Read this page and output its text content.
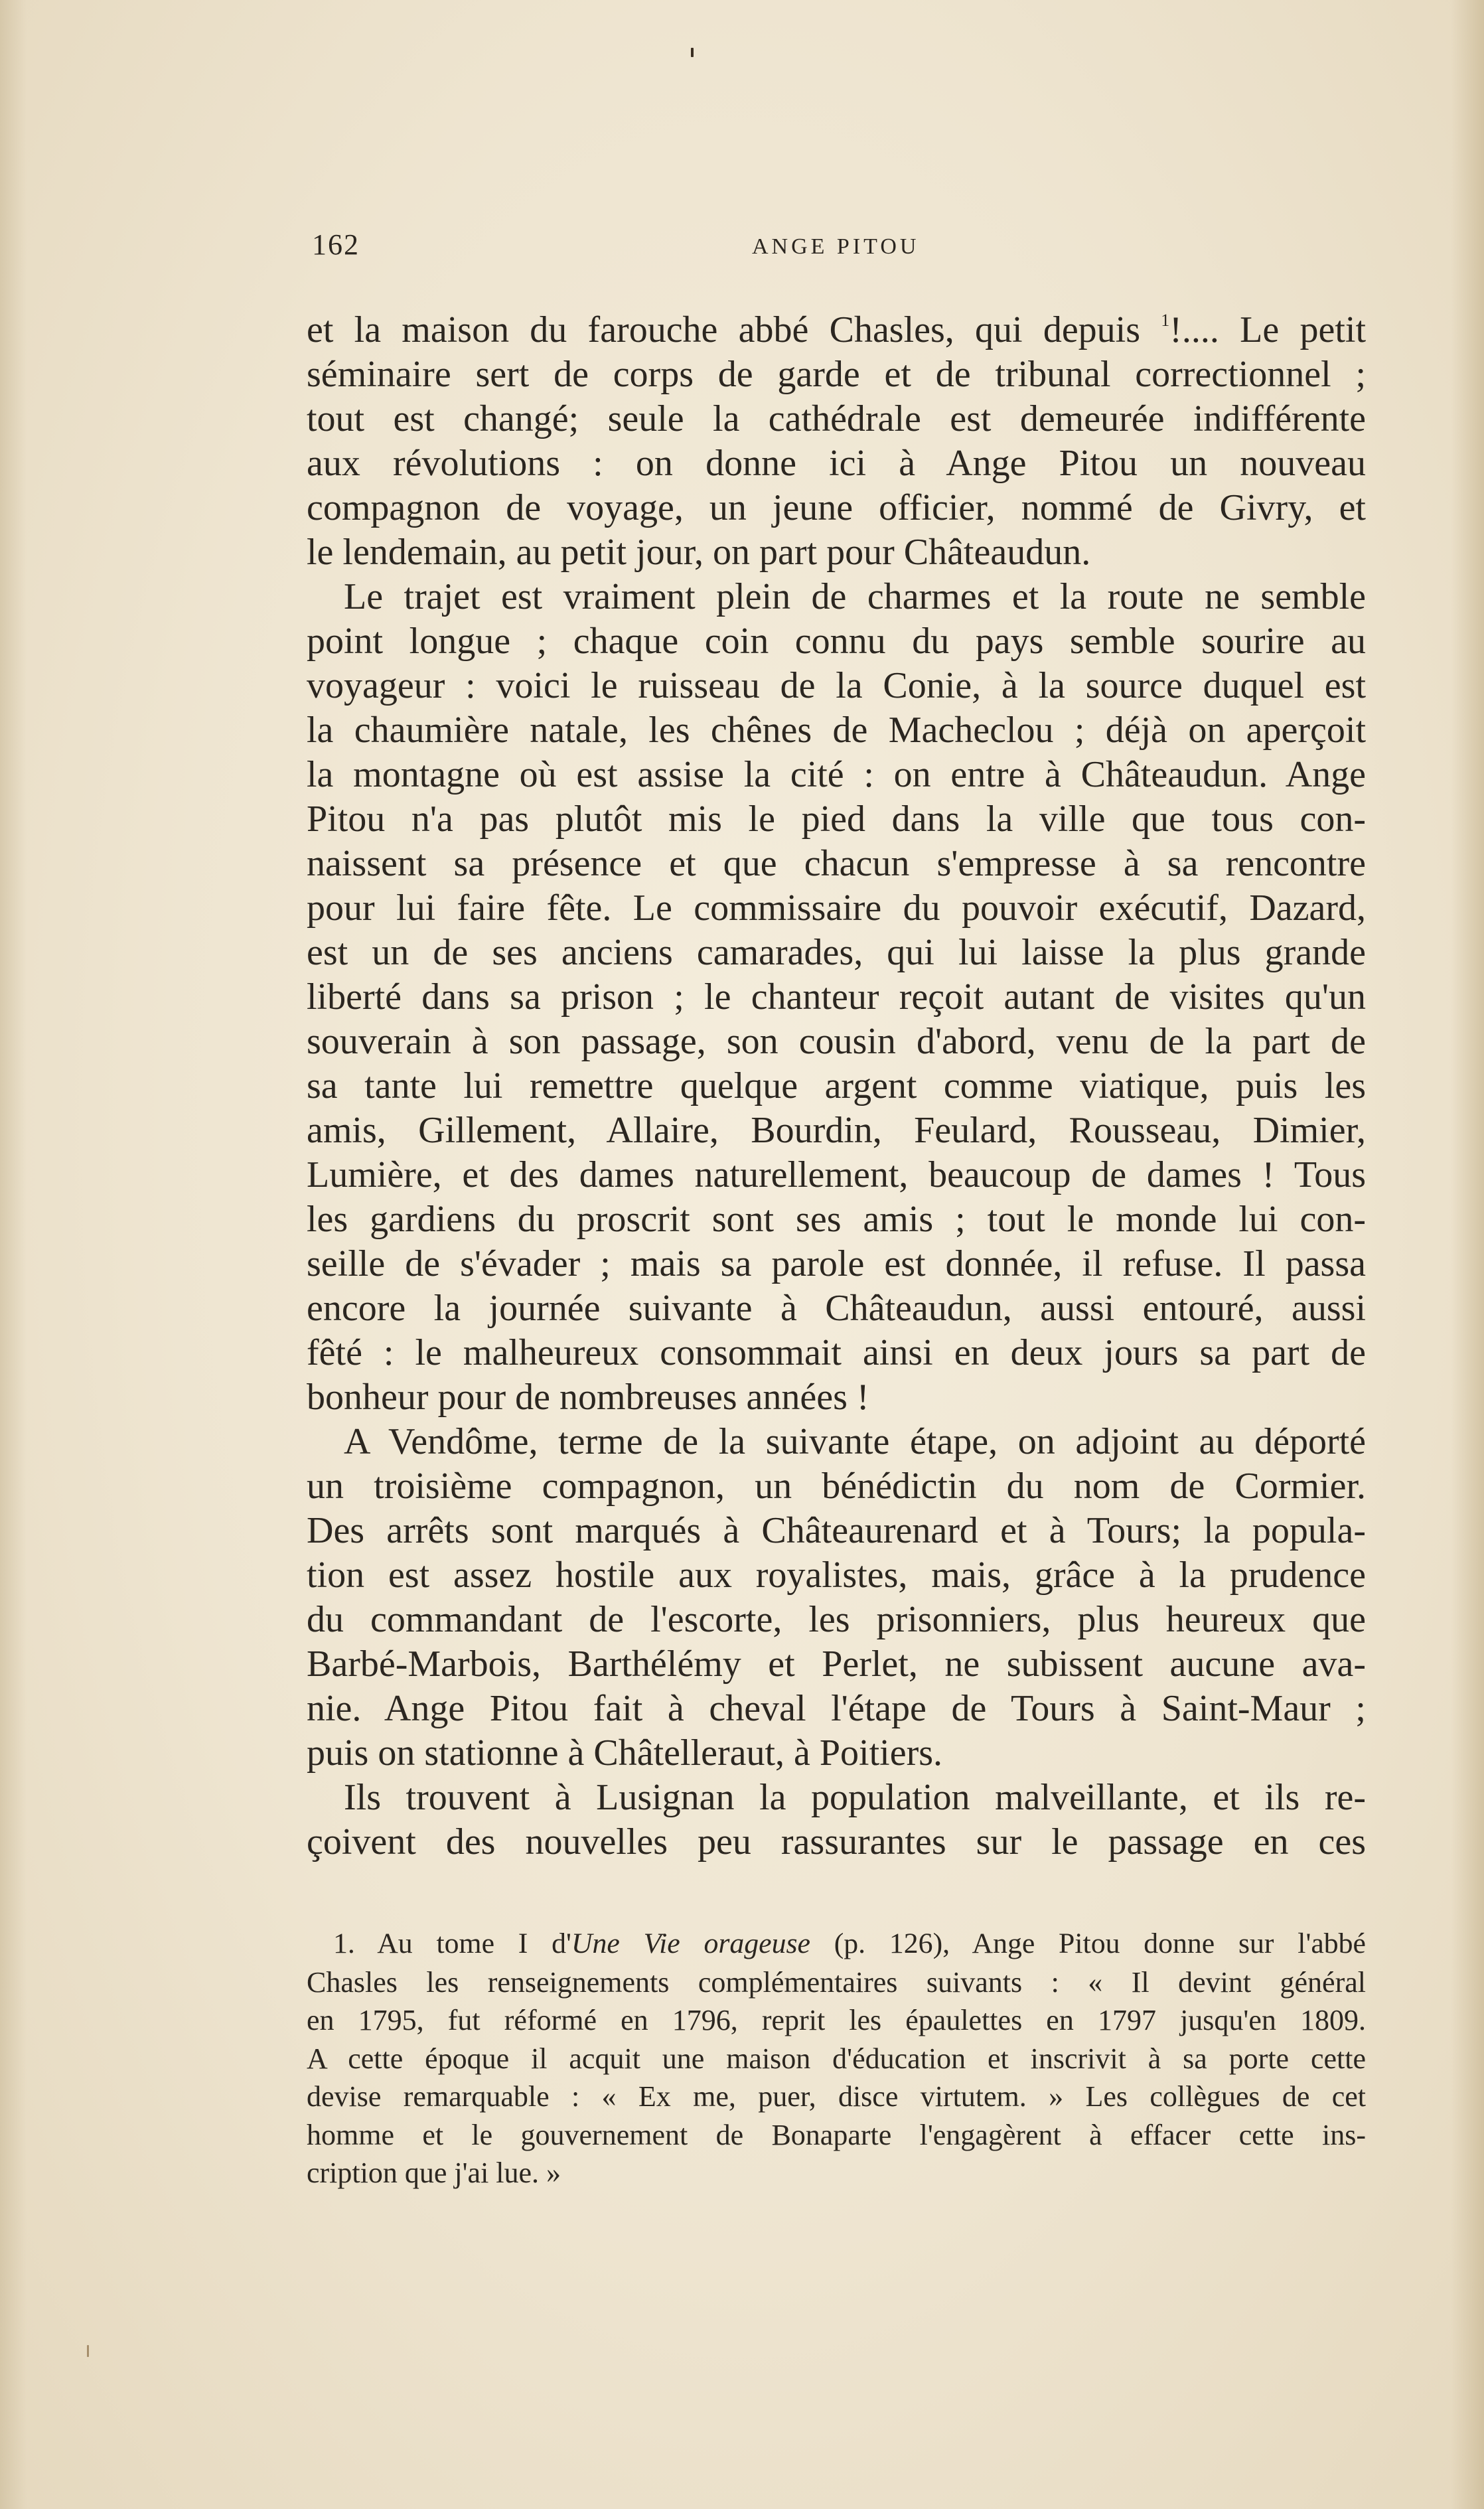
162	ANGE PITOU
et la maison du farouche abbé Chasles, qui depuis $^1$!.... Le petit
séminaire sert de corps de garde et de tribunal correctionnel ;
tout est changé; seule la cathédrale est demeurée indifférente
aux révolutions : on donne ici à Ange Pitou un nouveau
compagnon de voyage, un jeune officier, nommé de Givry, et
le lendemain, au petit jour, on part pour Châteaudun.
Le trajet est vraiment plein de charmes et la route ne semble
point longue ; chaque coin connu du pays semble sourire au
voyageur : voici le ruisseau de la Conie, à la source duquel est
la chaumière natale, les chênes de Macheclou ; déjà on aperçoit
la montagne où est assise la cité : on entre à Châteaudun. Ange
Pitou n'a pas plutôt mis le pied dans la ville que tous con-
naissent sa présence et que chacun s'empresse à sa rencontre
pour lui faire fête. Le commissaire du pouvoir exécutif, Dazard,
est un de ses anciens camarades, qui lui laisse la plus grande
liberté dans sa prison ; le chanteur reçoit autant de visites qu'un
souverain à son passage, son cousin d'abord, venu de la part de
sa tante lui remettre quelque argent comme viatique, puis les
amis, Gillement, Allaire, Bourdin, Feulard, Rousseau, Dimier,
Lumière, et des dames naturellement, beaucoup de dames ! Tous
les gardiens du proscrit sont ses amis ; tout le monde lui con-
seille de s'évader ; mais sa parole est donnée, il refuse. Il passa
encore la journée suivante à Châteaudun, aussi entouré, aussi
fêté : le malheureux consommait ainsi en deux jours sa part de
bonheur pour de nombreuses années !
A Vendôme, terme de la suivante étape, on adjoint au déporté
un troisième compagnon, un bénédictin du nom de Cormier.
Des arrêts sont marqués à Châteaurenard et à Tours; la popula-
tion est assez hostile aux royalistes, mais, grâce à la prudence
du commandant de l'escorte, les prisonniers, plus heureux que
Barbé-Marbois, Barthélémy et Perlet, ne subissent aucune ava-
nie. Ange Pitou fait à cheval l'étape de Tours à Saint-Maur ;
puis on stationne à Châtelleraut, à Poitiers.
Ils trouvent à Lusignan la population malveillante, et ils re-
çoivent des nouvelles peu rassurantes sur le passage en ces
1. Au tome I d'Une Vie orageuse (p. 126), Ange Pitou donne sur l'abbé
Chasles les renseignements complémentaires suivants : « Il devint général
en 1795, fut réformé en 1796, reprit les épaulettes en 1797 jusqu'en 1809.
A cette époque il acquit une maison d'éducation et inscrivit à sa porte cette
devise remarquable : « Ex me, puer, disce virtutem. » Les collègues de cet
homme et le gouvernement de Bonaparte l'engagèrent à effacer cette ins-
cription que j'ai lue. »
